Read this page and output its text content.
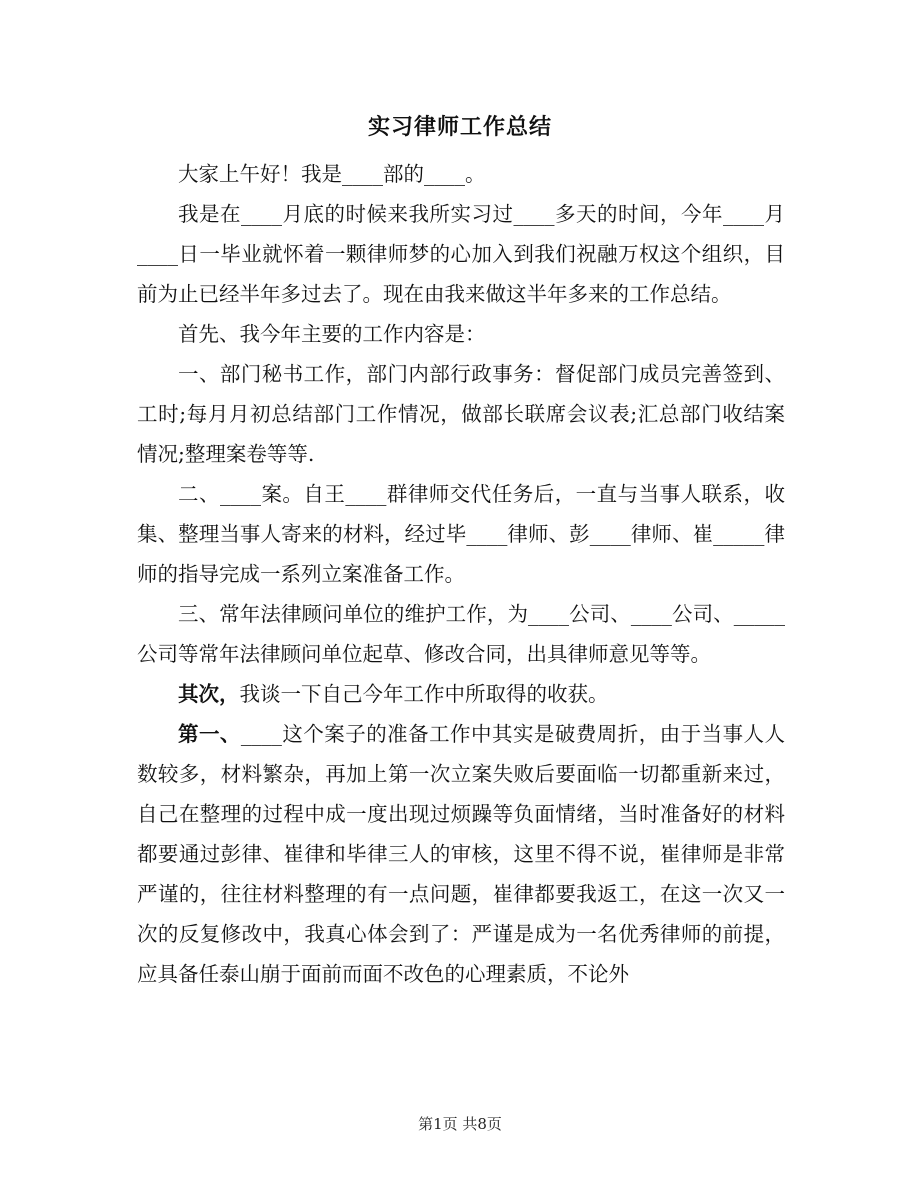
实习律师工作总结

大家上午好！我是____部的____。

我是在____月底的时候来我所实习过____多天的时间，今年____月____日一毕业就怀着一颗律师梦的心加入到我们祝融万权这个组织，目前为止已经半年多过去了。现在由我来做这半年多来的工作总结。

首先、我今年主要的工作内容是：

一、部门秘书工作，部门内部行政事务：督促部门成员完善签到、工时;每月月初总结部门工作情况，做部长联席会议表;汇总部门收结案情况;整理案卷等等.

二、____案。自王____群律师交代任务后，一直与当事人联系，收集、整理当事人寄来的材料，经过毕____律师、彭____律师、崔_____律师的指导完成一系列立案准备工作。

三、常年法律顾问单位的维护工作，为____公司、____公司、_____公司等常年法律顾问单位起草、修改合同，出具律师意见等等。

其次，我谈一下自己今年工作中所取得的收获。

第一、____这个案子的准备工作中其实是破费周折，由于当事人人数较多，材料繁杂，再加上第一次立案失败后要面临一切都重新来过，自己在整理的过程中成一度出现过烦躁等负面情绪，当时准备好的材料都要通过彭律、崔律和毕律三人的审核，这里不得不说，崔律师是非常严谨的，往往材料整理的有一点问题，崔律都要我返工，在这一次又一次的反复修改中，我真心体会到了：严谨是成为一名优秀律师的前提，应具备任泰山崩于面前而面不改色的心理素质，不论外

第1页 共8页
